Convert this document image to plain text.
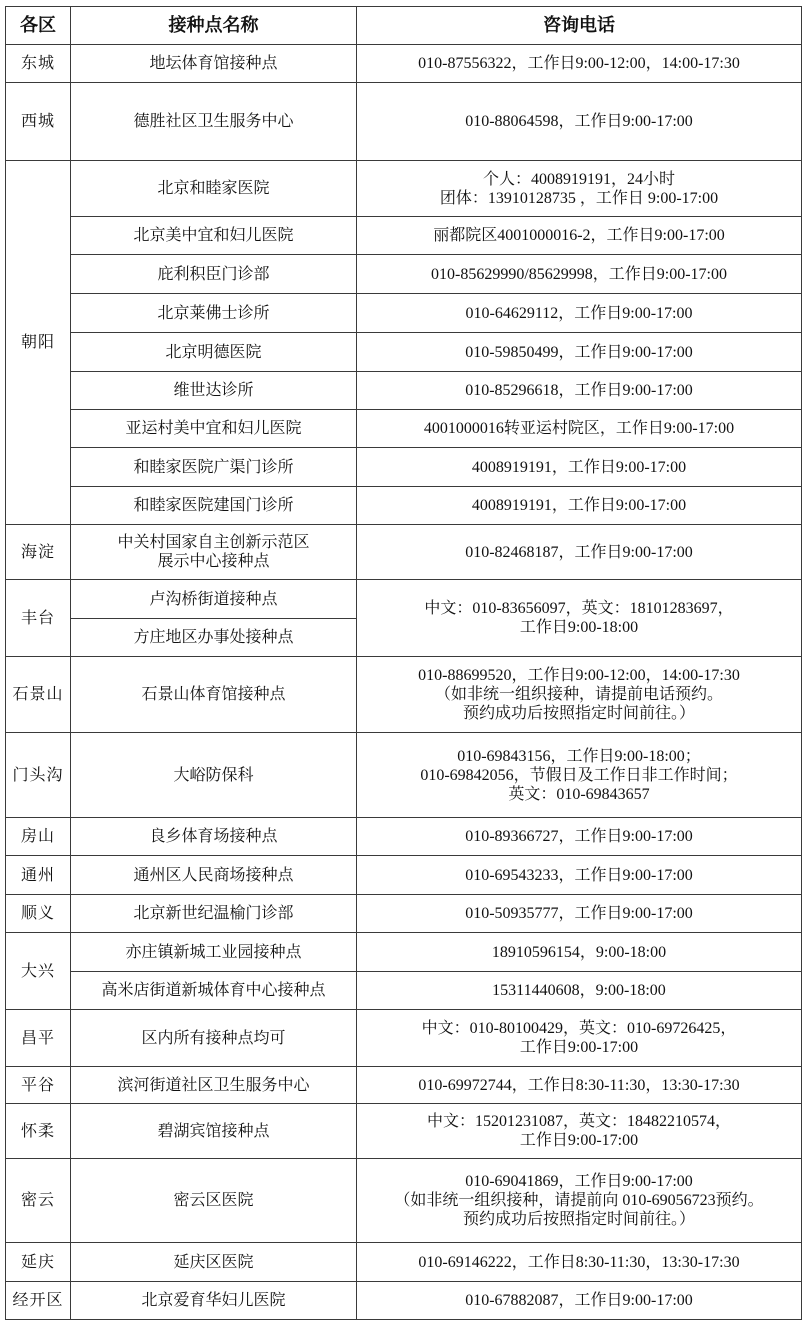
各区	接种点名称	咨询电话
东城	地坛体育馆接种点	010-87556322，工作日9:00-12:00，14:00-17:30

西城	德胜社区卫生服务中心	010-88064598，工作日9:00-17:00

朝阳	北京和睦家医院	个人：4008919191，24小时
团体：13910128735 ，工作日 9:00-17:00

	北京美中宜和妇儿医院	丽都院区4001000016-2，工作日9:00-17:00

	庇利积臣门诊部	010-85629990/85629998，工作日9:00-17:00

	北京莱佛士诊所	010-64629112，工作日9:00-17:00

	北京明德医院	010-59850499，工作日9:00-17:00

	维世达诊所	010-85296618，工作日9:00-17:00

	亚运村美中宜和妇儿医院	4001000016转亚运村院区，工作日9:00-17:00

	和睦家医院广渠门诊所	4008919191，工作日9:00-17:00

	和睦家医院建国门诊所	4008919191，工作日9:00-17:00

海淀	中关村国家自主创新示范区
展示中心接种点	010-82468187，工作日9:00-17:00

丰台	卢沟桥街道接种点	中文：010-83656097，英文：18101283697，
工作日9:00-18:00

	方庄地区办事处接种点	

石景山	石景山体育馆接种点	010-88699520，工作日9:00-12:00，14:00-17:30
（如非统一组织接种，请提前电话预约。
预约成功后按照指定时间前往。）

门头沟	大峪防保科	010-69843156，工作日9:00-18:00；
010-69842056，节假日及工作日非工作时间；
英文：010-69843657

房山	良乡体育场接种点	010-89366727，工作日9:00-17:00

通州	通州区人民商场接种点	010-69543233，工作日9:00-17:00

顺义	北京新世纪温榆门诊部	010-50935777，工作日9:00-17:00

大兴	亦庄镇新城工业园接种点	18910596154，9:00-18:00

	高米店街道新城体育中心接种点	15311440608，9:00-18:00

昌平	区内所有接种点均可	中文：010-80100429，英文：010-69726425，
工作日9:00-17:00

平谷	滨河街道社区卫生服务中心	010-69972744，工作日8:30-11:30，13:30-17:30

怀柔	碧湖宾馆接种点	中文：15201231087，英文：18482210574，
工作日9:00-17:00

密云	密云区医院	010-69041869，工作日9:00-17:00
（如非统一组织接种，请提前向 010-69056723预约。
预约成功后按照指定时间前往。）

延庆	延庆区医院	010-69146222，工作日8:30-11:30，13:30-17:30

经开区	北京爱育华妇儿医院	010-67882087，工作日9:00-17:00
